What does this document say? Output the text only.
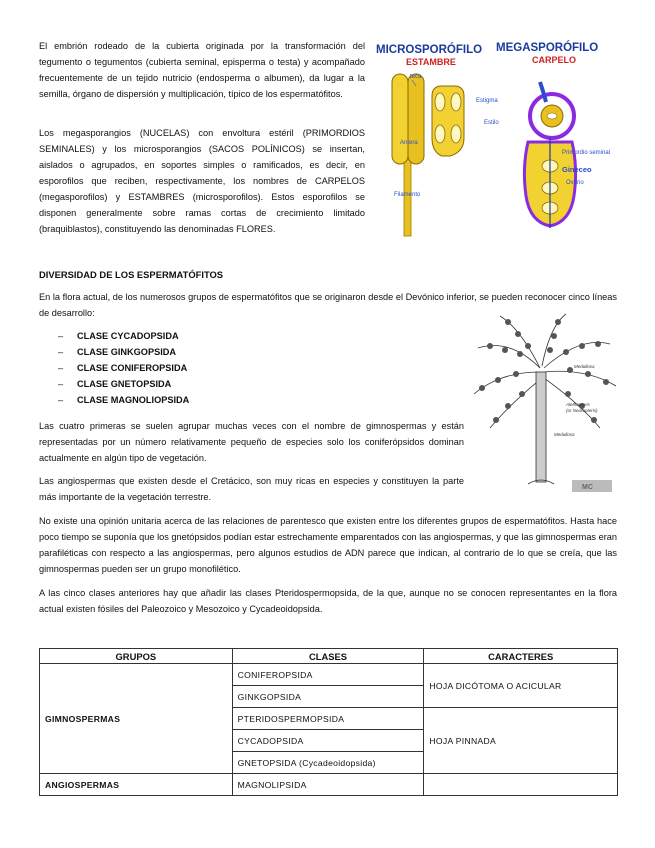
El embrión rodeado de la cubierta originada por la transformación del tegumento o tegumentos (cubierta seminal, episperma o testa) y acompañado frecuentemente de un tejido nutricio (endosperma o albumen), da lugar a la semilla, órgano de dispersión y multiplicación, típico de los espermatófitos.

Los megasporangios (NUCELAS) con envoltura estéril (PRIMORDIOS SEMINALES) y los microsporangios (SACOS POLÍNICOS) se insertan, aislados o agrupados, en soportes simples o ramificados, es decir, en esporofilos que reciben, respectivamente, los nombres de CARPELOS (megasporofilos) y ESTAMBRES (microsporofilos). Estos esporofilos se disponen generalmente sobre ramas cortas de crecimiento limitado (braquiblastos), constituyendo las denominadas FLORES.

MICROSPORÓFILO
ESTAMBRE
MEGASPORÓFILO
CARPELO
teca
Antera
Filamento
Estigma
Estilo
Primordio seminal
Gineceo
Ovario
DIVERSIDAD DE LOS ESPERMATÓFITOS

En la flora actual, de los numerosos grupos de espermatófitos que se originaron desde el Devónico inferior, se pueden reconocer cinco líneas de desarrollo:

– CLASE CYCADOPSIDA
– CLASE GINKGOPSIDA
– CLASE CONIFEROPSIDA
– CLASE GNETOPSIDA
– CLASE MAGNOLIOPSIDA

Las cuatro primeras se suelen agrupar muchas veces con el nombre de gimnospermas y están representadas por un número relativamente pequeño de especies solo los coniferópsidos dominan actualmente en algún tipo de vegetación.

Las angiospermas que existen desde el Cretácico, son muy ricas en especies y constituyen la parte más importante de la vegetación terrestre.

Medullosa
Alethopteris
(or Neuropteris)
Medullosa
MC

No existe una opinión unitaria acerca de las relaciones de parentesco que existen entre los diferentes grupos de espermatófitos. Hasta hace poco tiempo se suponía que los gnetópsidos podían estar estrechamente emparentados con las angiospermas, y que las gimnospermas eran parafiléticas con respecto a las angiospermas, pero algunos estudios de ADN parece que indican, al contrario de lo que se creía, que las gimnospermas pueden ser un grupo monofilético.

A las cinco clases anteriores hay que añadir las clases Pteridospermopsida, de la que, aunque no se conocen representantes en la flora actual existen fósiles del Paleozoico y Mesozoico y Cycadeoidopsida.

GRUPOS	CLASES	CARACTERES
GIMNOSPERMAS	CONIFEROPSIDA	HOJA DICÓTOMA O ACICULAR
	GINKGOPSIDA	
	PTERIDOSPERMOPSIDA	HOJA PINNADA
	CYCADOPSIDA	
	GNETOPSIDA (Cycadeoidopsida)	
ANGIOSPERMAS	MAGNOLIPSIDA	
